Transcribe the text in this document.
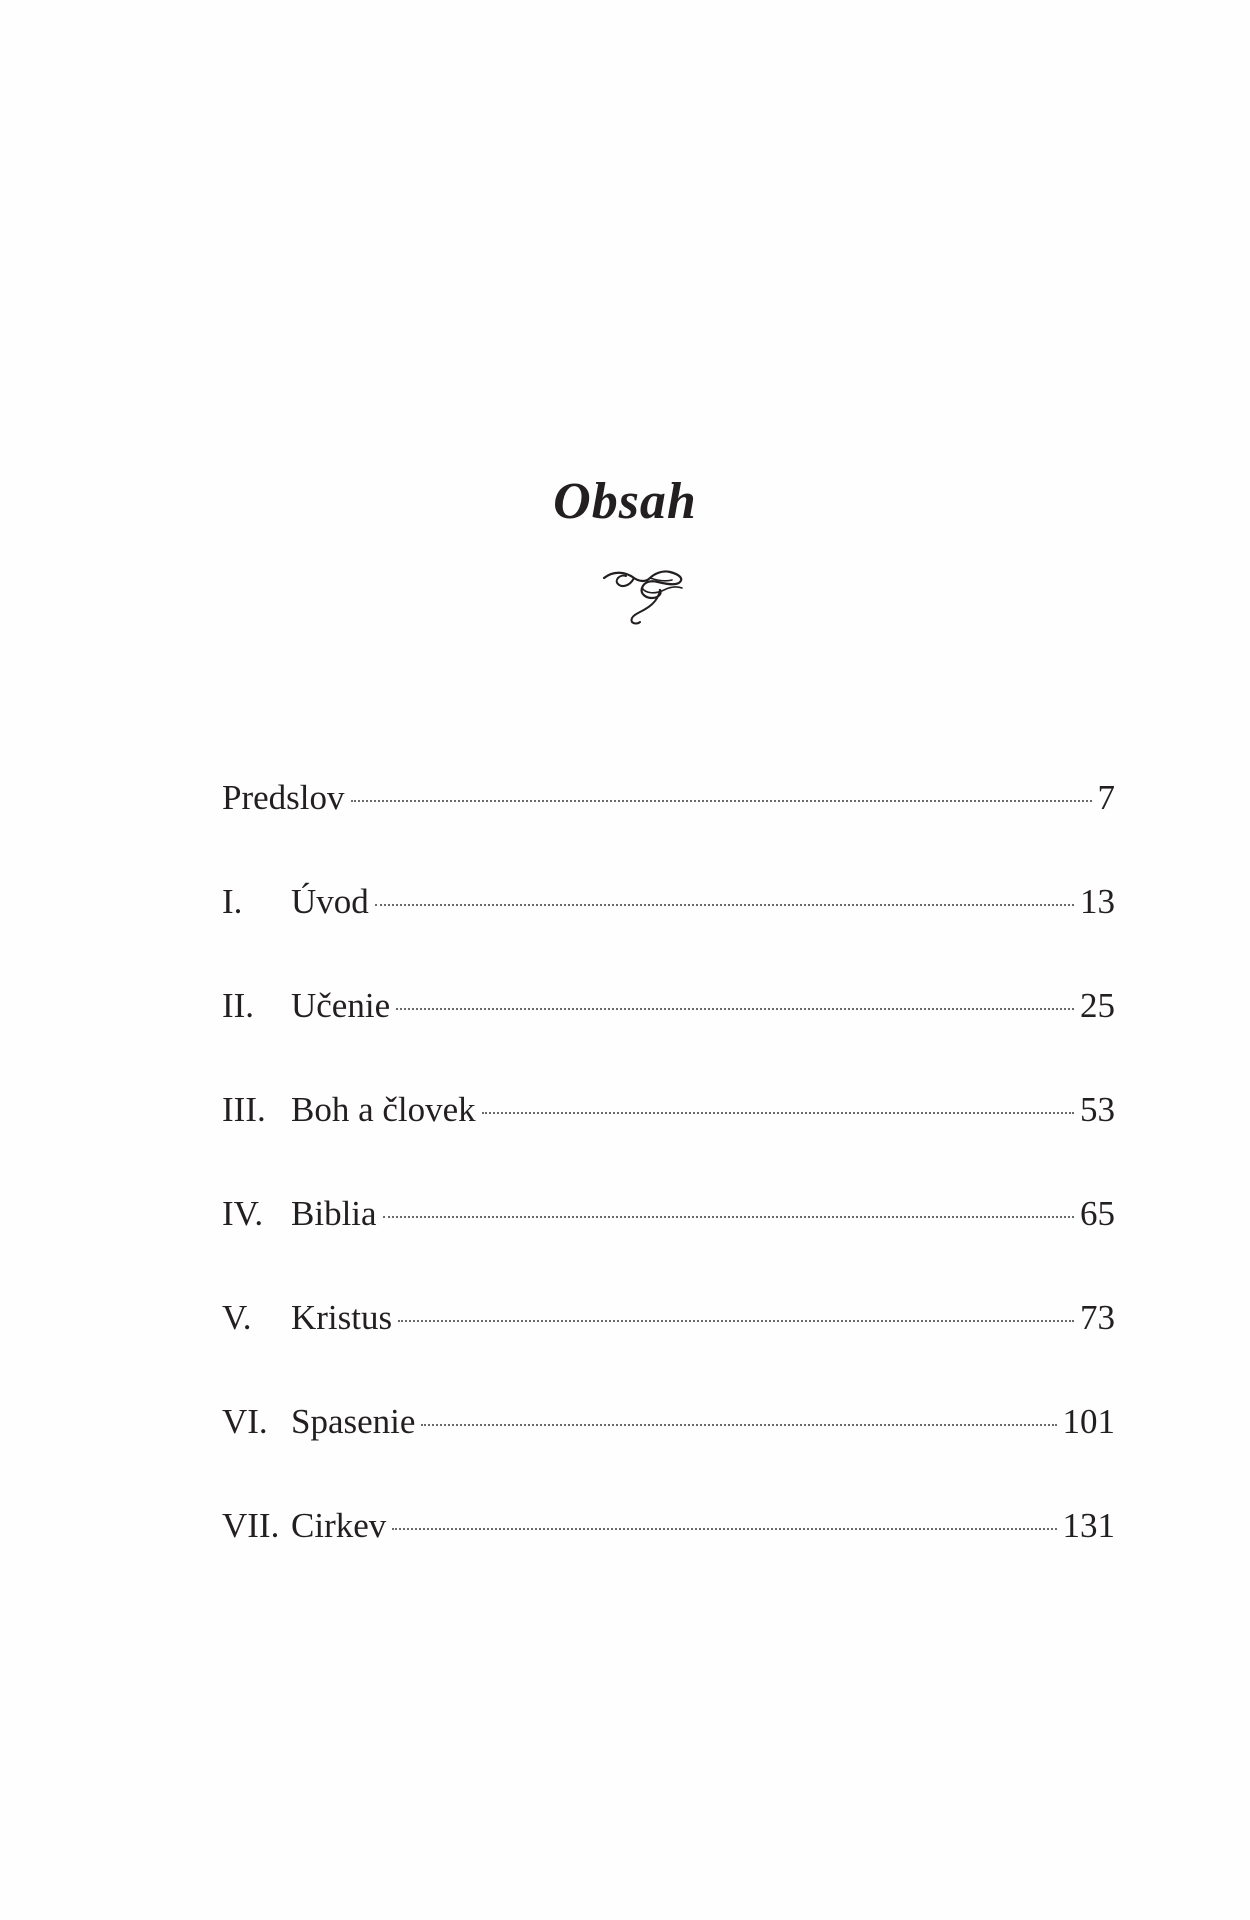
Obsah
Predslov	7
I.	Úvod	13
II.	Učenie	25
III. Boh a človek	53
IV. Biblia	65
V.	Kristus	73
VI. Spasenie	101
VII. Cirkev	131
